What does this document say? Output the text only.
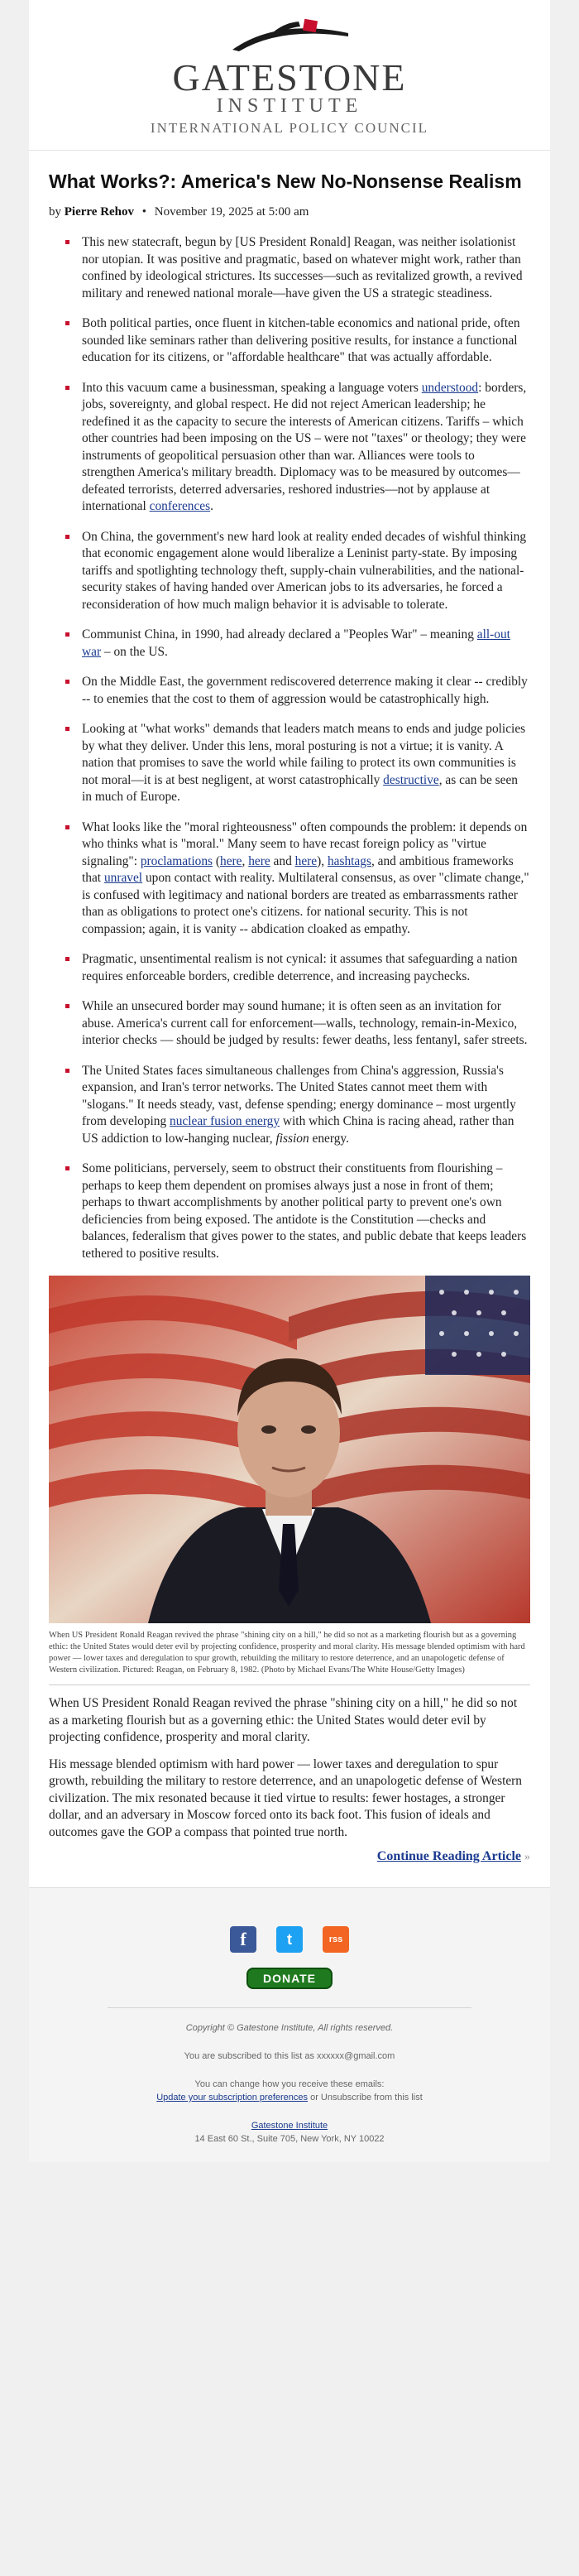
GATESTONE
INSTITUTE
INTERNATIONAL POLICY COUNCIL
What Works?: America's New No-Nonsense Realism
by Pierre Rehov • November 19, 2025 at 5:00 am
This new statecraft, begun by [US President Ronald] Reagan, was neither isolationist nor utopian. It was positive and pragmatic, based on whatever might work, rather than confined by ideological strictures. Its successes—such as revitalized growth, a revived military and renewed national morale—have given the US a strategic steadiness.
Both political parties, once fluent in kitchen-table economics and national pride, often sounded like seminars rather than delivering positive results, for instance a functional education for its citizens, or "affordable healthcare" that was actually affordable.
Into this vacuum came a businessman, speaking a language voters understood: borders, jobs, sovereignty, and global respect. He did not reject American leadership; he redefined it as the capacity to secure the interests of American citizens. Tariffs – which other countries had been imposing on the US – were not "taxes" or theology; they were instruments of geopolitical persuasion other than war. Alliances were tools to strengthen America's military breadth. Diplomacy was to be measured by outcomes—defeated terrorists, deterred adversaries, reshored industries—not by applause at international conferences.
On China, the government's new hard look at reality ended decades of wishful thinking that economic engagement alone would liberalize a Leninist party-state. By imposing tariffs and spotlighting technology theft, supply-chain vulnerabilities, and the national-security stakes of having handed over American jobs to its adversaries, he forced a reconsideration of how much malign behavior it is advisable to tolerate.
Communist China, in 1990, had already declared a "Peoples War" – meaning all-out war – on the US.
On the Middle East, the government rediscovered deterrence making it clear -- credibly -- to enemies that the cost to them of aggression would be catastrophically high.
Looking at "what works" demands that leaders match means to ends and judge policies by what they deliver. Under this lens, moral posturing is not a virtue; it is vanity. A nation that promises to save the world while failing to protect its own communities is not moral—it is at best negligent, at worst catastrophically destructive, as can be seen in much of Europe.
What looks like the "moral righteousness" often compounds the problem: it depends on who thinks what is "moral." Many seem to have recast foreign policy as "virtue signaling": proclamations (here, here and here), hashtags, and ambitious frameworks that unravel upon contact with reality. Multilateral consensus, as over "climate change," is confused with legitimacy and national borders are treated as embarrassments rather than as obligations to protect one's citizens. for national security. This is not compassion; again, it is vanity -- abdication cloaked as empathy.
Pragmatic, unsentimental realism is not cynical: it assumes that safeguarding a nation requires enforceable borders, credible deterrence, and increasing paychecks.
While an unsecured border may sound humane; it is often seen as an invitation for abuse. America's current call for enforcement—walls, technology, remain-in-Mexico, interior checks — should be judged by results: fewer deaths, less fentanyl, safer streets.
The United States faces simultaneous challenges from China's aggression, Russia's expansion, and Iran's terror networks. The United States cannot meet them with "slogans." It needs steady, vast, defense spending; energy dominance – most urgently from developing nuclear fusion energy with which China is racing ahead, rather than US addiction to low-hanging nuclear, fission energy.
Some politicians, perversely, seem to obstruct their constituents from flourishing – perhaps to keep them dependent on promises always just a nose in front of them; perhaps to thwart accomplishments by another political party to prevent one's own deficiencies from being exposed. The antidote is the Constitution —checks and balances, federalism that gives power to the states, and public debate that keeps leaders tethered to positive results.
When US President Ronald Reagan revived the phrase "shining city on a hill," he did so not as a marketing flourish but as a governing ethic: the United States would deter evil by projecting confidence, prosperity and moral clarity. His message blended optimism with hard power — lower taxes and deregulation to spur growth, rebuilding the military to restore deterrence, and an unapologetic defense of Western civilization. Pictured: Reagan, on February 8, 1982. (Photo by Michael Evans/The White House/Getty Images)

When US President Ronald Reagan revived the phrase "shining city on a hill," he did so not as a marketing flourish but as a governing ethic: the United States would deter evil by projecting confidence, prosperity and moral clarity.

His message blended optimism with hard power — lower taxes and deregulation to spur growth, rebuilding the military to restore deterrence, and an unapologetic defense of Western civilization. The mix resonated because it tied virtue to results: fewer hostages, a stronger dollar, and an adversary in Moscow forced onto its back foot. This fusion of ideals and outcomes gave the GOP a compass that pointed true north.

Continue Reading Article »
f	t	rss
DONATE
Copyright © Gatestone Institute, All rights reserved.
You are subscribed to this list as xxxxxx@gmail.com
You can change how you receive these emails:
Update your subscription preferences or Unsubscribe from this list
Gatestone Institute
14 East 60 St., Suite 705, New York, NY 10022
